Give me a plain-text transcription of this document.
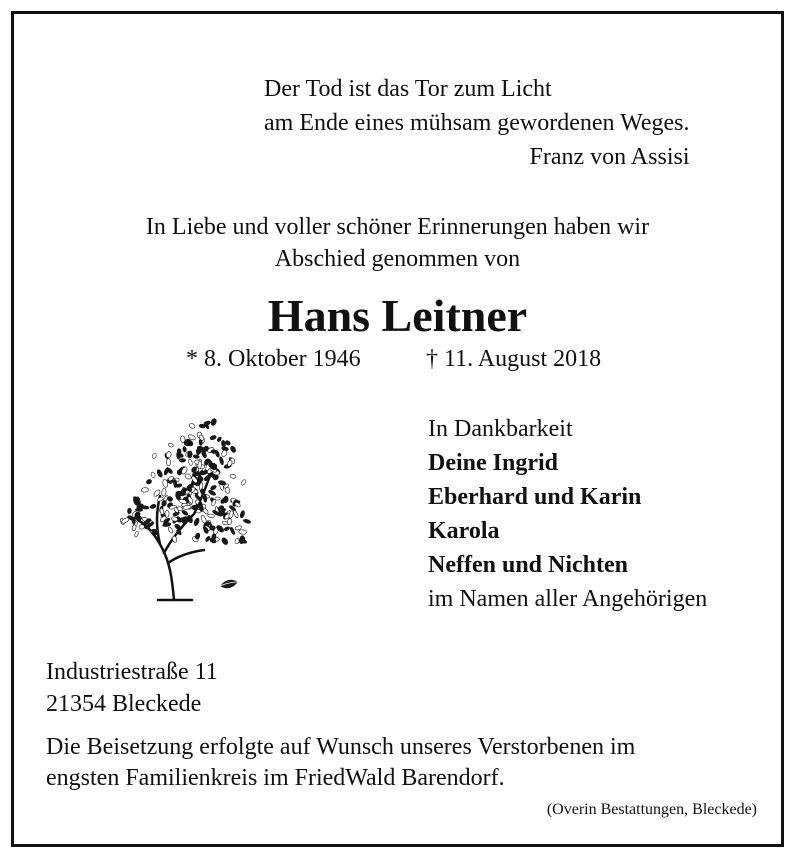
Der Tod ist das Tor zum Licht
am Ende eines mühsam gewordenen Weges.
Franz von Assisi
In Liebe und voller schöner Erinnerungen haben wir
Abschied genommen von
Hans Leitner
* 8. Oktober 1946	† 11. August 2018
In Dankbarkeit
Deine Ingrid
Eberhard und Karin
Karola
Neffen und Nichten
im Namen aller Angehörigen
Industriestraße 11
21354 Bleckede
Die Beisetzung erfolgte auf Wunsch unseres Verstorbenen im
engsten Familienkreis im FriedWald Barendorf.
(Overin Bestattungen, Bleckede)
